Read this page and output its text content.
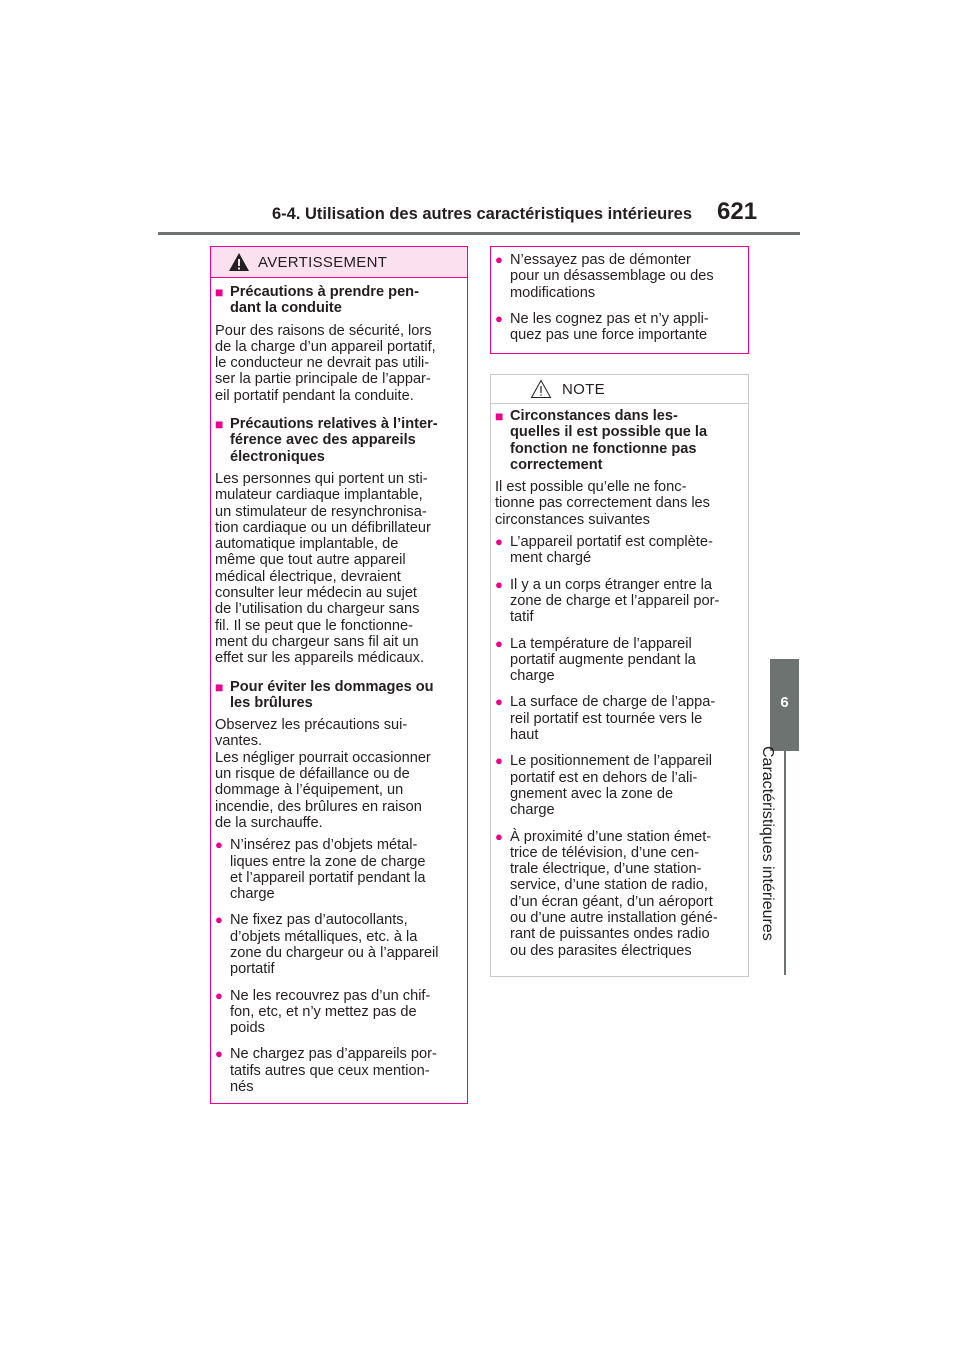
6-4. Utilisation des autres caractéristiques intérieures 621
6
Caractéristiques intérieures
AVERTISSEMENT
■ Précautions à prendre pen-
dant la conduite

Pour des raisons de sécurité, lors
de la charge d’un appareil portatif,
le conducteur ne devrait pas utili-
ser la partie principale de l’appar-
eil portatif pendant la conduite.

■ Précautions relatives à l’inter-
férence avec des appareils
électroniques

Les personnes qui portent un sti-
mulateur cardiaque implantable,
un stimulateur de resynchronisa-
tion cardiaque ou un défibrillateur
automatique implantable, de
même que tout autre appareil
médical électrique, devraient
consulter leur médecin au sujet
de l’utilisation du chargeur sans
fil. Il se peut que le fonctionne-
ment du chargeur sans fil ait un
effet sur les appareils médicaux.

■ Pour éviter les dommages ou
les brûlures

Observez les précautions sui-
vantes.
Les négliger pourrait occasionner
un risque de défaillance ou de
dommage à l’équipement, un
incendie, des brûlures en raison
de la surchauffe.

● N’insérez pas d’objets métal-
liques entre la zone de charge
et l’appareil portatif pendant la
charge
● Ne fixez pas d’autocollants,
d’objets métalliques, etc. à la
zone du chargeur ou à l’appareil
portatif
● Ne les recouvrez pas d’un chif-
fon, etc, et n’y mettez pas de
poids
● Ne chargez pas d’appareils por-
tatifs autres que ceux mention-
nés
● N’essayez pas de démonter
pour un désassemblage ou des
modifications
● Ne les cognez pas et n’y appli-
quez pas une force importante
NOTE
■ Circonstances dans les-
quelles il est possible que la
fonction ne fonctionne pas
correctement

Il est possible qu’elle ne fonc-
tionne pas correctement dans les
circonstances suivantes

● L’appareil portatif est complète-
ment chargé
● Il y a un corps étranger entre la
zone de charge et l’appareil por-
tatif
● La température de l’appareil
portatif augmente pendant la
charge
● La surface de charge de l’appa-
reil portatif est tournée vers le
haut
● Le positionnement de l’appareil
portatif est en dehors de l’ali-
gnement avec la zone de
charge
● À proximité d’une station émet-
trice de télévision, d’une cen-
trale électrique, d’une station-
service, d’une station de radio,
d’un écran géant, d’un aéroport
ou d’une autre installation géné-
rant de puissantes ondes radio
ou des parasites électriques
